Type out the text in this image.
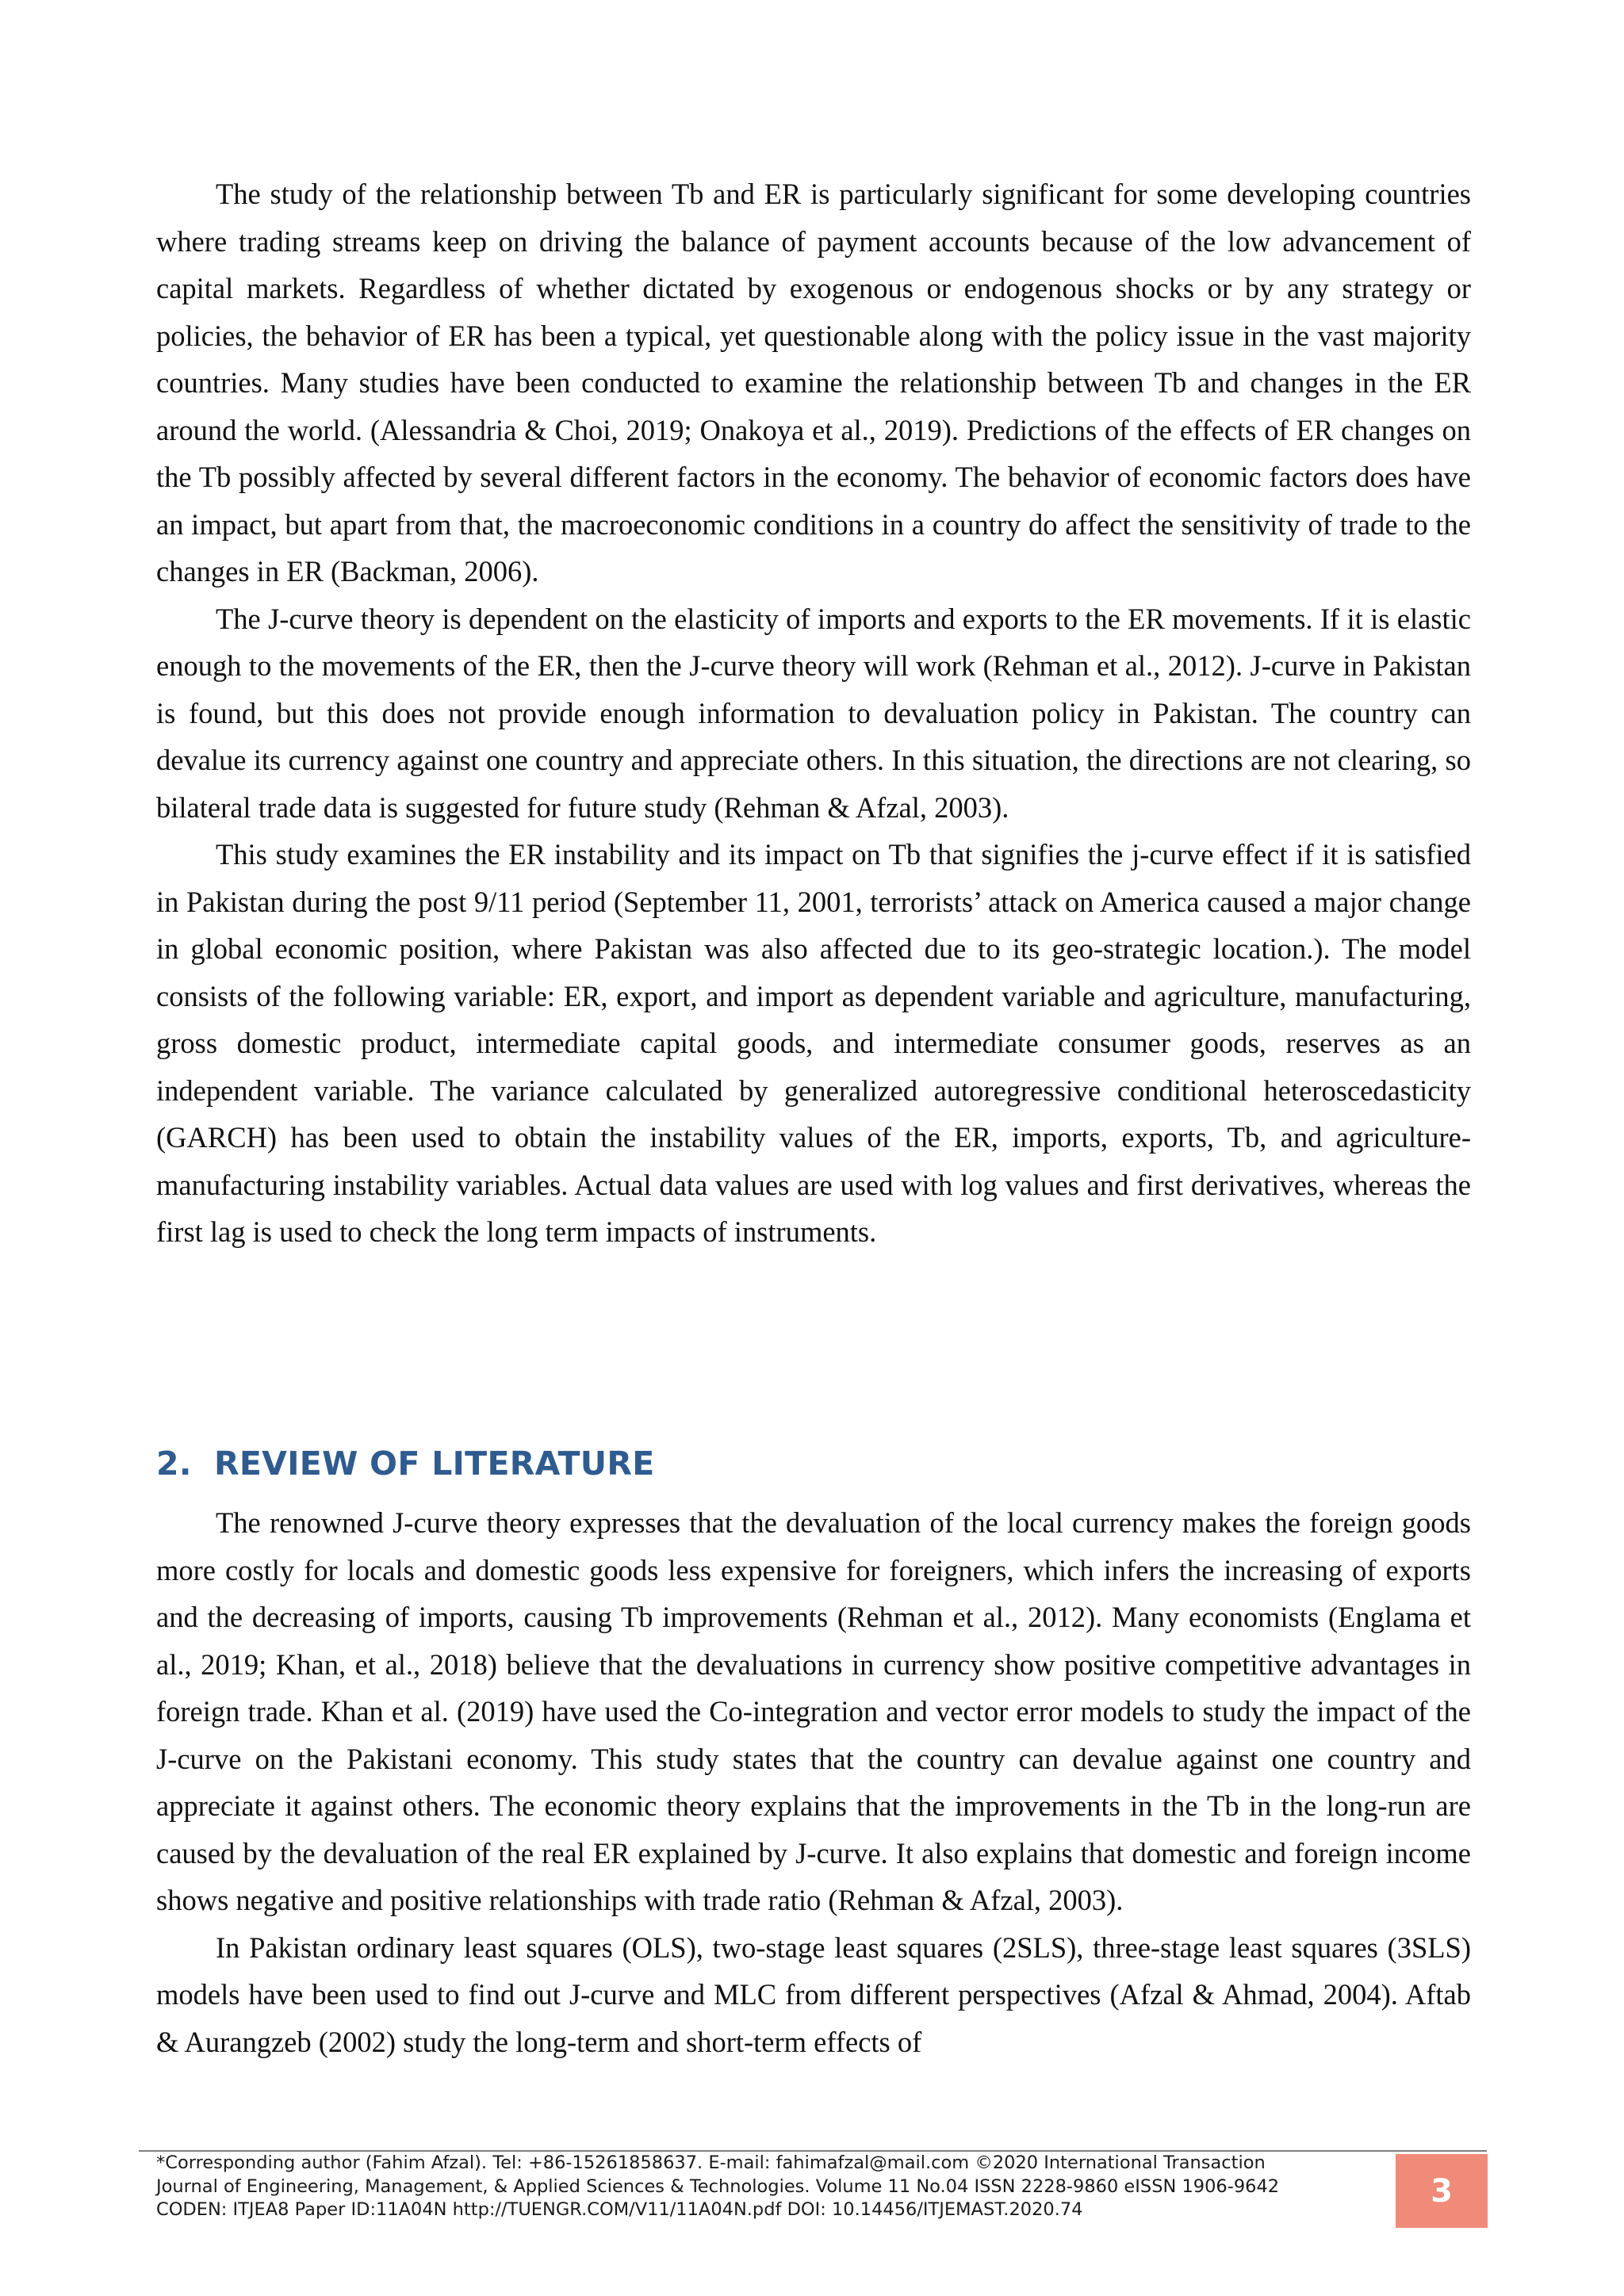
The study of the relationship between Tb and ER is particularly significant for some developing countries where trading streams keep on driving the balance of payment accounts because of the low advancement of capital markets. Regardless of whether dictated by exogenous or endogenous shocks or by any strategy or policies, the behavior of ER has been a typical, yet questionable along with the policy issue in the vast majority countries. Many studies have been conducted to examine the relationship between Tb and changes in the ER around the world. (Alessandria & Choi, 2019; Onakoya et al., 2019). Predictions of the effects of ER changes on the Tb possibly affected by several different factors in the economy. The behavior of economic factors does have an impact, but apart from that, the macroeconomic conditions in a country do affect the sensitivity of trade to the changes in ER (Backman, 2006).

The J-curve theory is dependent on the elasticity of imports and exports to the ER movements. If it is elastic enough to the movements of the ER, then the J-curve theory will work (Rehman et al., 2012). J-curve in Pakistan is found, but this does not provide enough information to devaluation policy in Pakistan. The country can devalue its currency against one country and appreciate others. In this situation, the directions are not clearing, so bilateral trade data is suggested for future study (Rehman & Afzal, 2003).

This study examines the ER instability and its impact on Tb that signifies the j-curve effect if it is satisfied in Pakistan during the post 9/11 period (September 11, 2001, terrorists’ attack on America caused a major change in global economic position, where Pakistan was also affected due to its geo-strategic location.). The model consists of the following variable: ER, export, and import as dependent variable and agriculture, manufacturing, gross domestic product, intermediate capital goods, and intermediate consumer goods, reserves as an independent variable. The variance calculated by generalized autoregressive conditional heteroscedasticity (GARCH) has been used to obtain the instability values of the ER, imports, exports, Tb, and agriculture-manufacturing instability variables. Actual data values are used with log values and first derivatives, whereas the first lag is used to check the long term impacts of instruments.

2. REVIEW OF LITERATURE

The renowned J-curve theory expresses that the devaluation of the local currency makes the foreign goods more costly for locals and domestic goods less expensive for foreigners, which infers the increasing of exports and the decreasing of imports, causing Tb improvements (Rehman et al., 2012). Many economists (Englama et al., 2019; Khan, et al., 2018) believe that the devaluations in currency show positive competitive advantages in foreign trade. Khan et al. (2019) have used the Co-integration and vector error models to study the impact of the J-curve on the Pakistani economy. This study states that the country can devalue against one country and appreciate it against others. The economic theory explains that the improvements in the Tb in the long-run are caused by the devaluation of the real ER explained by J-curve. It also explains that domestic and foreign income shows negative and positive relationships with trade ratio (Rehman & Afzal, 2003).

In Pakistan ordinary least squares (OLS), two-stage least squares (2SLS), three-stage least squares (3SLS) models have been used to find out J-curve and MLC from different perspectives (Afzal & Ahmad, 2004). Aftab & Aurangzeb (2002) study the long-term and short-term effects of

*Corresponding author (Fahim Afzal). Tel: +86-15261858637. E-mail: fahimafzal@mail.com ©2020 International Transaction
Journal of Engineering, Management, & Applied Sciences & Technologies. Volume 11 No.04 ISSN 2228-9860 eISSN 1906-9642
CODEN: ITJEA8 Paper ID:11A04N http://TUENGR.COM/V11/11A04N.pdf DOI: 10.14456/ITJEMAST.2020.74
3
